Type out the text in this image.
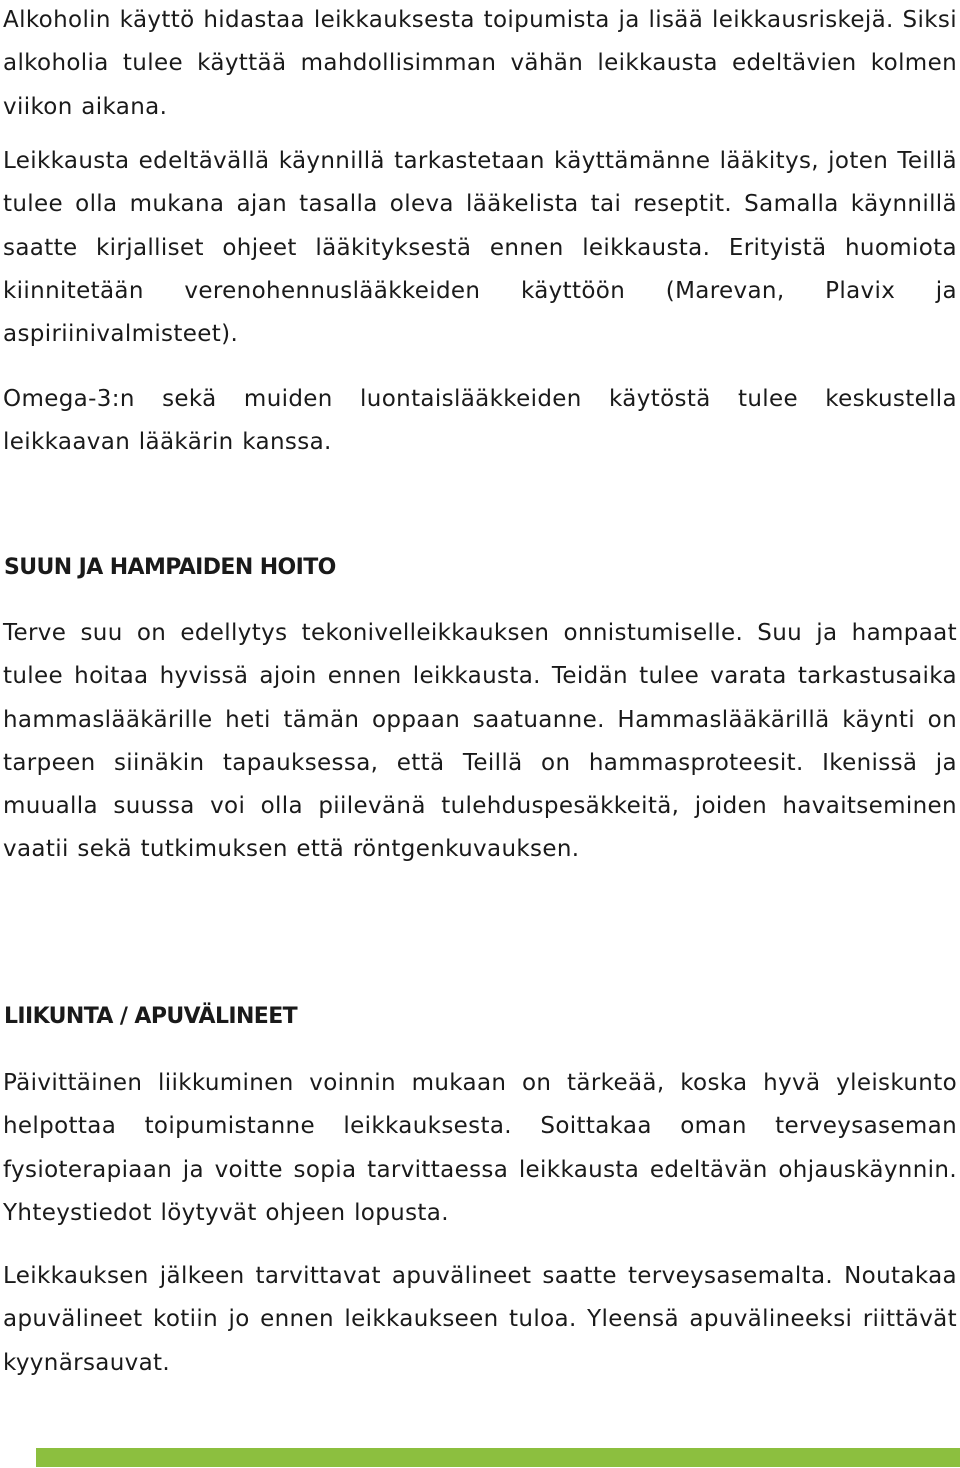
Alkoholin käyttö hidastaa leikkauksesta toipumista ja lisää leikkausriskejä. Siksi alkoholia tulee käyttää mahdollisimman vähän leikkausta edeltävien kolmen viikon aikana.

Leikkausta edeltävällä käynnillä tarkastetaan käyttämänne lääkitys, joten Teillä tulee olla mukana ajan tasalla oleva lääkelista tai reseptit. Samalla käynnillä saatte kirjalliset ohjeet lääkityksestä ennen leikkausta. Erityistä huomiota kiinnitetään verenohennuslääkkeiden käyttöön (Marevan, Plavix ja aspiriinivalmisteet).

Omega-3:n sekä muiden luontaislääkkeiden käytöstä tulee keskustella leikkaavan lääkärin kanssa.

SUUN JA HAMPAIDEN HOITO

Terve suu on edellytys tekonivelleikkauksen onnistumiselle. Suu ja hampaat tulee hoitaa hyvissä ajoin ennen leikkausta. Teidän tulee varata tarkastusaika hammaslääkärille heti tämän oppaan saatuanne. Hammaslääkärillä käynti on tarpeen siinäkin tapauksessa, että Teillä on hammasproteesit. Ikenissä ja muualla suussa voi olla piilevänä tulehduspesäkkeitä, joiden havaitseminen vaatii sekä tutkimuksen että röntgenkuvauksen.

LIIKUNTA / APUVÄLINEET

Päivittäinen liikkuminen voinnin mukaan on tärkeää, koska hyvä yleiskunto helpottaa toipumistanne leikkauksesta. Soittakaa oman terveysaseman fysioterapiaan ja voitte sopia tarvittaessa leikkausta edeltävän ohjauskäynnin. Yhteystiedot löytyvät ohjeen lopusta.

Leikkauksen jälkeen tarvittavat apuvälineet saatte terveysasemalta. Noutakaa apuvälineet kotiin jo ennen leikkaukseen tuloa. Yleensä apuvälineeksi riittävät kyynärsauvat.
